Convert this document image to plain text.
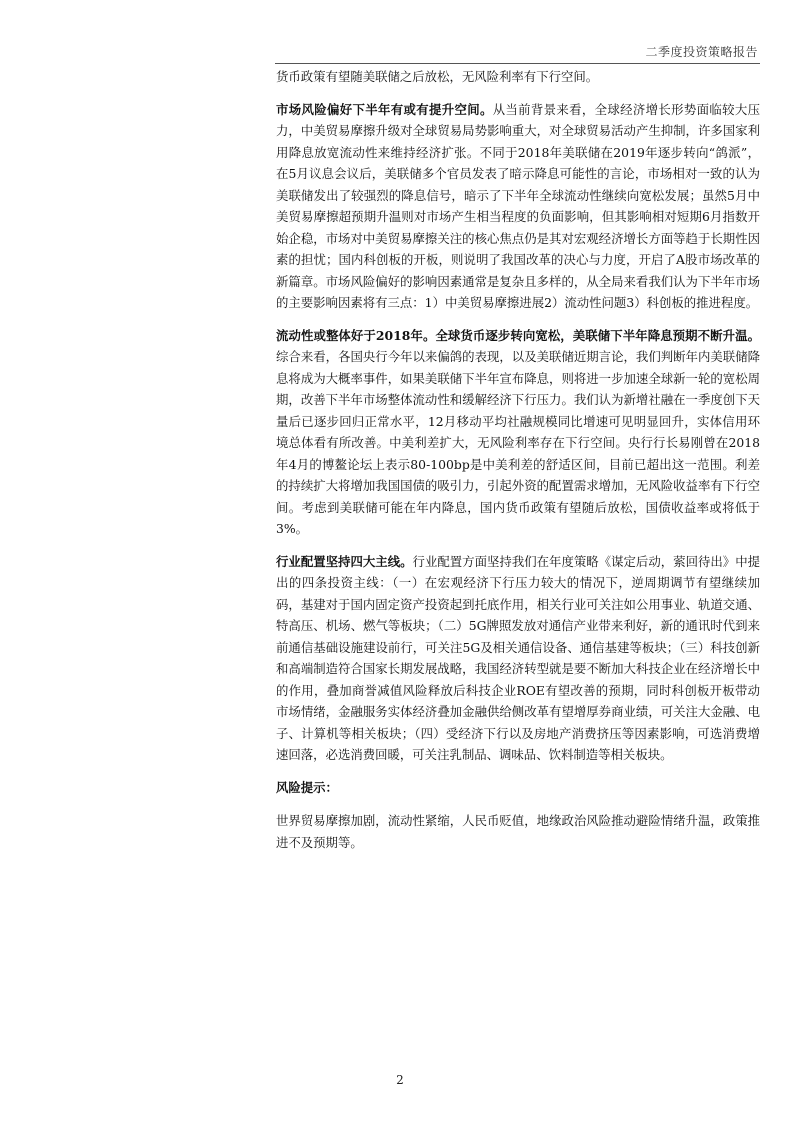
二季度投资策略报告

货币政策有望随美联储之后放松，无风险利率有下行空间。

市场风险偏好下半年有或有提升空间。从当前背景来看，全球经济增长形势面临较大压力，中美贸易摩擦升级对全球贸易局势影响重大，对全球贸易活动产生抑制，许多国家利用降息放宽流动性来维持经济扩张。不同于2018年美联储在2019年逐步转向“鸽派”，在5月议息会议后，美联储多个官员发表了暗示降息可能性的言论，市场相对一致的认为美联储发出了较强烈的降息信号，暗示了下半年全球流动性继续向宽松发展；虽然5月中美贸易摩擦超预期升温则对市场产生相当程度的负面影响，但其影响相对短期6月指数开始企稳，市场对中美贸易摩擦关注的核心焦点仍是其对宏观经济增长方面等趋于长期性因素的担忧；国内科创板的开板，则说明了我国改革的决心与力度，开启了A股市场改革的新篇章。市场风险偏好的影响因素通常是复杂且多样的，从全局来看我们认为下半年市场的主要影响因素将有三点：1）中美贸易摩擦进展2）流动性问题3）科创板的推进程度。

流动性或整体好于2018年。全球货币逐步转向宽松，美联储下半年降息预期不断升温。综合来看，各国央行今年以来偏鸽的表现，以及美联储近期言论，我们判断年内美联储降息将成为大概率事件，如果美联储下半年宣布降息，则将进一步加速全球新一轮的宽松周期，改善下半年市场整体流动性和缓解经济下行压力。我们认为新增社融在一季度创下天量后已逐步回归正常水平，12月移动平均社融规模同比增速可见明显回升，实体信用环境总体看有所改善。中美利差扩大，无风险利率存在下行空间。央行行长易刚曾在2018年4月的博鳌论坛上表示80-100bp是中美利差的舒适区间，目前已超出这一范围。利差的持续扩大将增加我国国债的吸引力，引起外资的配置需求增加，无风险收益率有下行空间。考虑到美联储可能在年内降息，国内货币政策有望随后放松，国债收益率或将低于3%。

行业配置坚持四大主线。行业配置方面坚持我们在年度策略《谋定后动，萦回待出》中提出的四条投资主线：（一）在宏观经济下行压力较大的情况下，逆周期调节有望继续加码，基建对于国内固定资产投资起到托底作用，相关行业可关注如公用事业、轨道交通、特高压、机场、燃气等板块；（二）5G牌照发放对通信产业带来利好，新的通讯时代到来前通信基础设施建设前行，可关注5G及相关通信设备、通信基建等板块；（三）科技创新和高端制造符合国家长期发展战略，我国经济转型就是要不断加大科技企业在经济增长中的作用，叠加商誉减值风险释放后科技企业ROE有望改善的预期，同时科创板开板带动市场情绪，金融服务实体经济叠加金融供给侧改革有望增厚券商业绩，可关注大金融、电子、计算机等相关板块；（四）受经济下行以及房地产消费挤压等因素影响，可选消费增速回落，必选消费回暖，可关注乳制品、调味品、饮料制造等相关板块。

风险提示：

世界贸易摩擦加剧，流动性紧缩，人民币贬值，地缘政治风险推动避险情绪升温，政策推进不及预期等。

2
